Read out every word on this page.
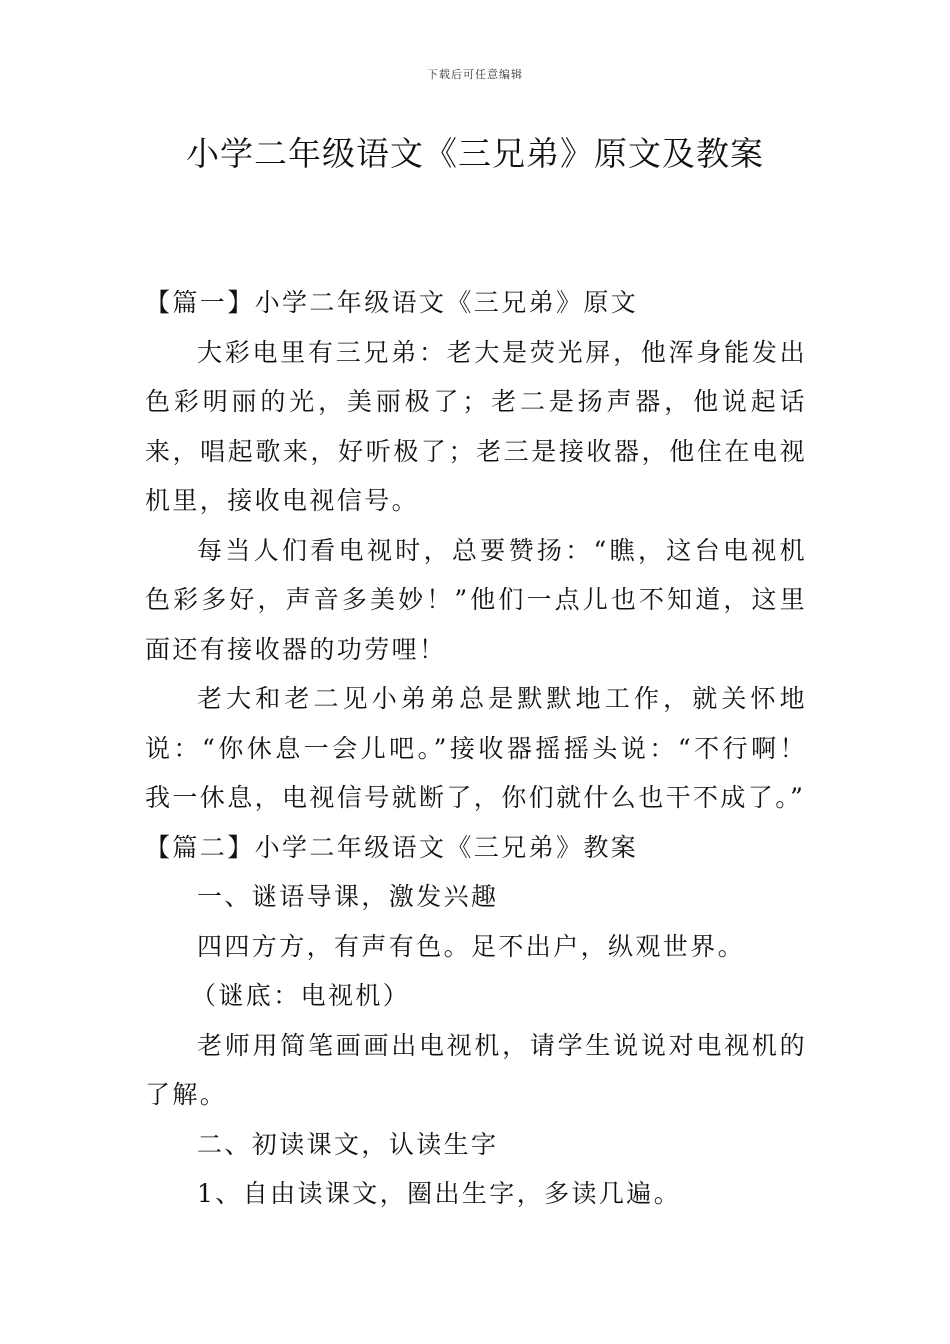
下载后可任意编辑
小学二年级语文《三兄弟》原文及教案

【篇一】小学二年级语文《三兄弟》原文

大彩电里有三兄弟：老大是荧光屏，他浑身能发出色彩明丽的光，美丽极了；老二是扬声器，他说起话来，唱起歌来，好听极了；老三是接收器，他住在电视机里，接收电视信号。

每当人们看电视时，总要赞扬：“瞧，这台电视机色彩多好，声音多美妙！”他们一点儿也不知道，这里面还有接收器的功劳哩！

老大和老二见小弟弟总是默默地工作，就关怀地说：“你休息一会儿吧。”接收器摇摇头说：“不行啊！我一休息，电视信号就断了，你们就什么也干不成了。”

【篇二】小学二年级语文《三兄弟》教案

一、谜语导课，激发兴趣

四四方方，有声有色。足不出户，纵观世界。

（谜底：电视机）

老师用简笔画画出电视机，请学生说说对电视机的了解。

二、初读课文，认读生字

1、自由读课文，圈出生字，多读几遍。
